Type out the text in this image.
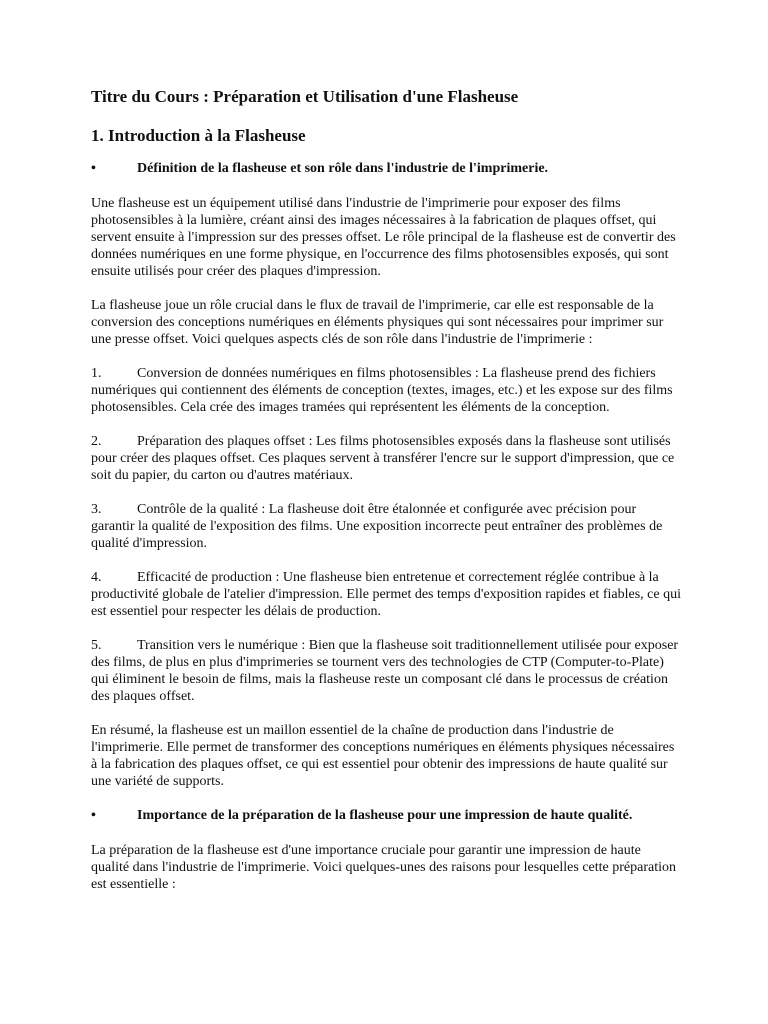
Titre du Cours : Préparation et Utilisation d'une Flasheuse
1. Introduction à la Flasheuse
•	Définition de la flasheuse et son rôle dans l'industrie de l'imprimerie.
Une flasheuse est un équipement utilisé dans l'industrie de l'imprimerie pour exposer des films photosensibles à la lumière, créant ainsi des images nécessaires à la fabrication de plaques offset, qui servent ensuite à l'impression sur des presses offset. Le rôle principal de la flasheuse est de convertir des données numériques en une forme physique, en l'occurrence des films photosensibles exposés, qui sont ensuite utilisés pour créer des plaques d'impression.
La flasheuse joue un rôle crucial dans le flux de travail de l'imprimerie, car elle est responsable de la conversion des conceptions numériques en éléments physiques qui sont nécessaires pour imprimer sur une presse offset. Voici quelques aspects clés de son rôle dans l'industrie de l'imprimerie :
1.	Conversion de données numériques en films photosensibles : La flasheuse prend des fichiers numériques qui contiennent des éléments de conception (textes, images, etc.) et les expose sur des films photosensibles. Cela crée des images tramées qui représentent les éléments de la conception.
2.	Préparation des plaques offset : Les films photosensibles exposés dans la flasheuse sont utilisés pour créer des plaques offset. Ces plaques servent à transférer l'encre sur le support d'impression, que ce soit du papier, du carton ou d'autres matériaux.
3.	Contrôle de la qualité : La flasheuse doit être étalonnée et configurée avec précision pour garantir la qualité de l'exposition des films. Une exposition incorrecte peut entraîner des problèmes de qualité d'impression.
4.	Efficacité de production : Une flasheuse bien entretenue et correctement réglée contribue à la productivité globale de l'atelier d'impression. Elle permet des temps d'exposition rapides et fiables, ce qui est essentiel pour respecter les délais de production.
5.	Transition vers le numérique : Bien que la flasheuse soit traditionnellement utilisée pour exposer des films, de plus en plus d'imprimeries se tournent vers des technologies de CTP (Computer-to-Plate) qui éliminent le besoin de films, mais la flasheuse reste un composant clé dans le processus de création des plaques offset.
En résumé, la flasheuse est un maillon essentiel de la chaîne de production dans l'industrie de l'imprimerie. Elle permet de transformer des conceptions numériques en éléments physiques nécessaires à la fabrication des plaques offset, ce qui est essentiel pour obtenir des impressions de haute qualité sur une variété de supports.
•	Importance de la préparation de la flasheuse pour une impression de haute qualité.
La préparation de la flasheuse est d'une importance cruciale pour garantir une impression de haute qualité dans l'industrie de l'imprimerie. Voici quelques-unes des raisons pour lesquelles cette préparation est essentielle :
